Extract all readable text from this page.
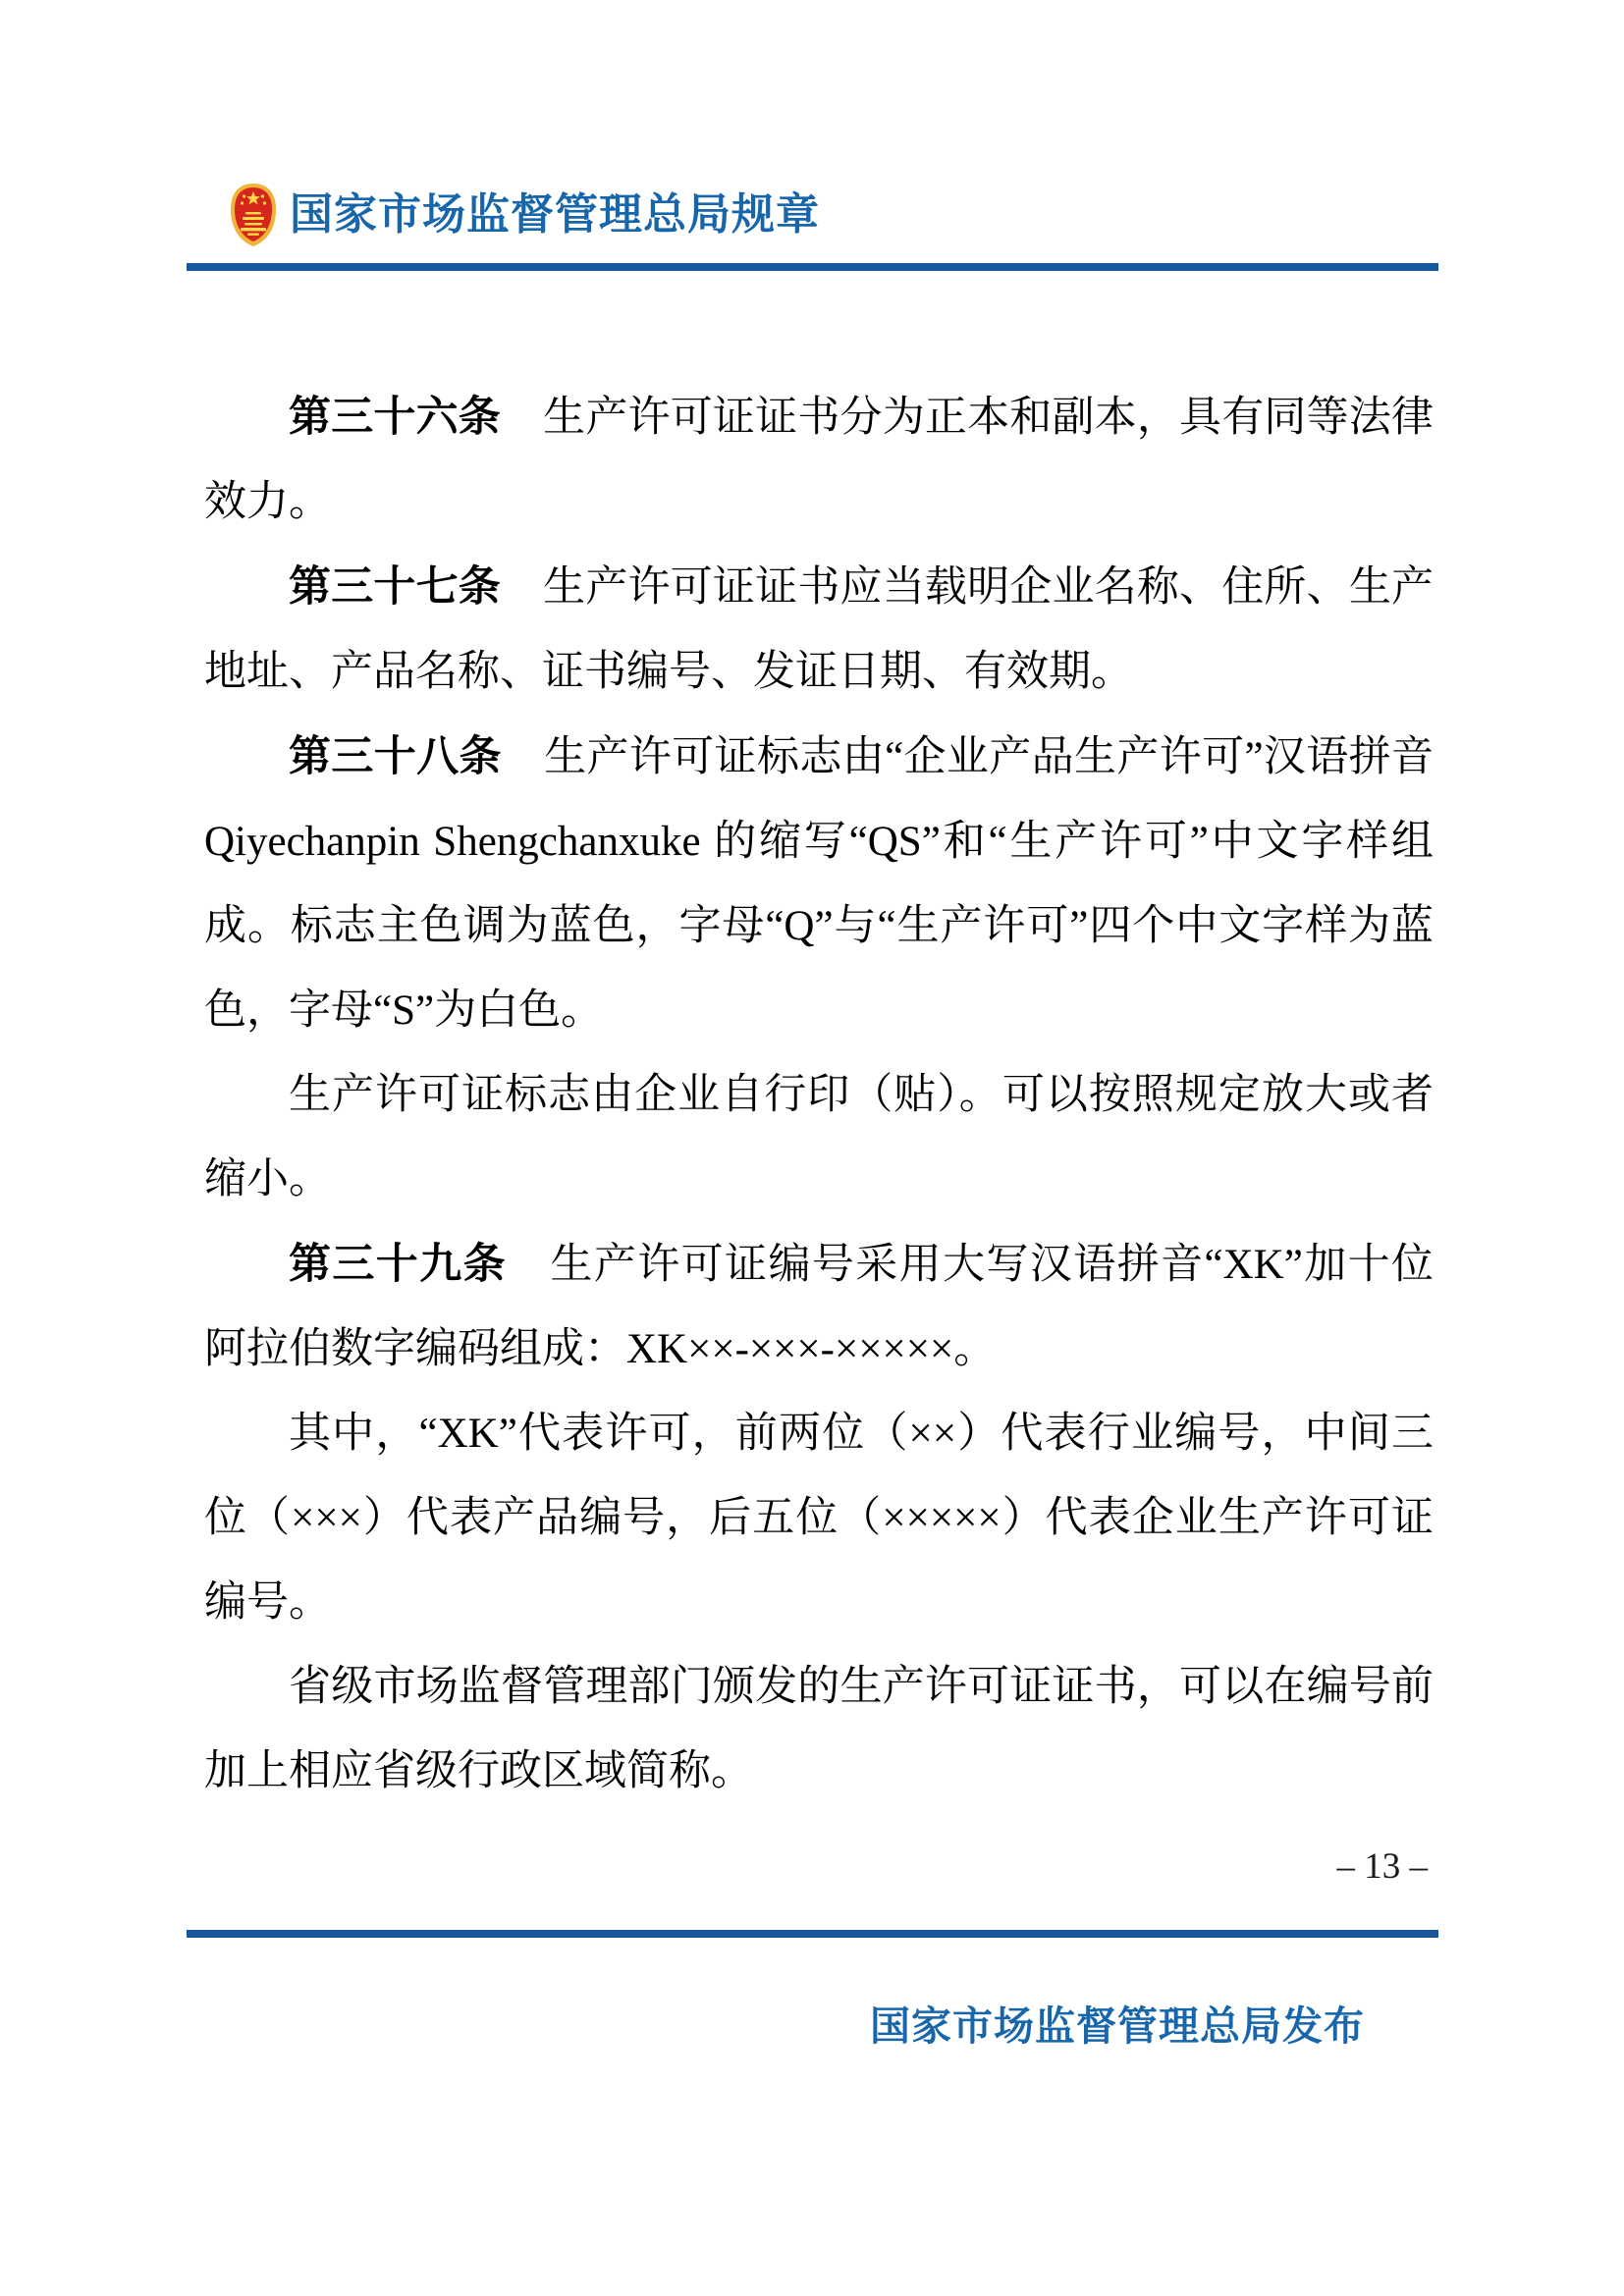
国家市场监督管理总局规章

第三十六条　生产许可证证书分为正本和副本，具有同等法律效力。

第三十七条　生产许可证证书应当载明企业名称、住所、生产地址、产品名称、证书编号、发证日期、有效期。

第三十八条　生产许可证标志由“企业产品生产许可”汉语拼音 Qiyechanpin Shengchanxuke 的缩写“QS”和“生产许可”中文字样组成。标志主色调为蓝色，字母“Q”与“生产许可”四个中文字样为蓝色，字母“S”为白色。

生产许可证标志由企业自行印（贴）。可以按照规定放大或者缩小。

第三十九条　生产许可证编号采用大写汉语拼音“XK”加十位阿拉伯数字编码组成：XK××-×××-×××××。

其中，“XK”代表许可，前两位（××）代表行业编号，中间三位（×××）代表产品编号，后五位（×××××）代表企业生产许可证编号。

省级市场监督管理部门颁发的生产许可证证书，可以在编号前加上相应省级行政区域简称。

– 13 –
国家市场监督管理总局发布
